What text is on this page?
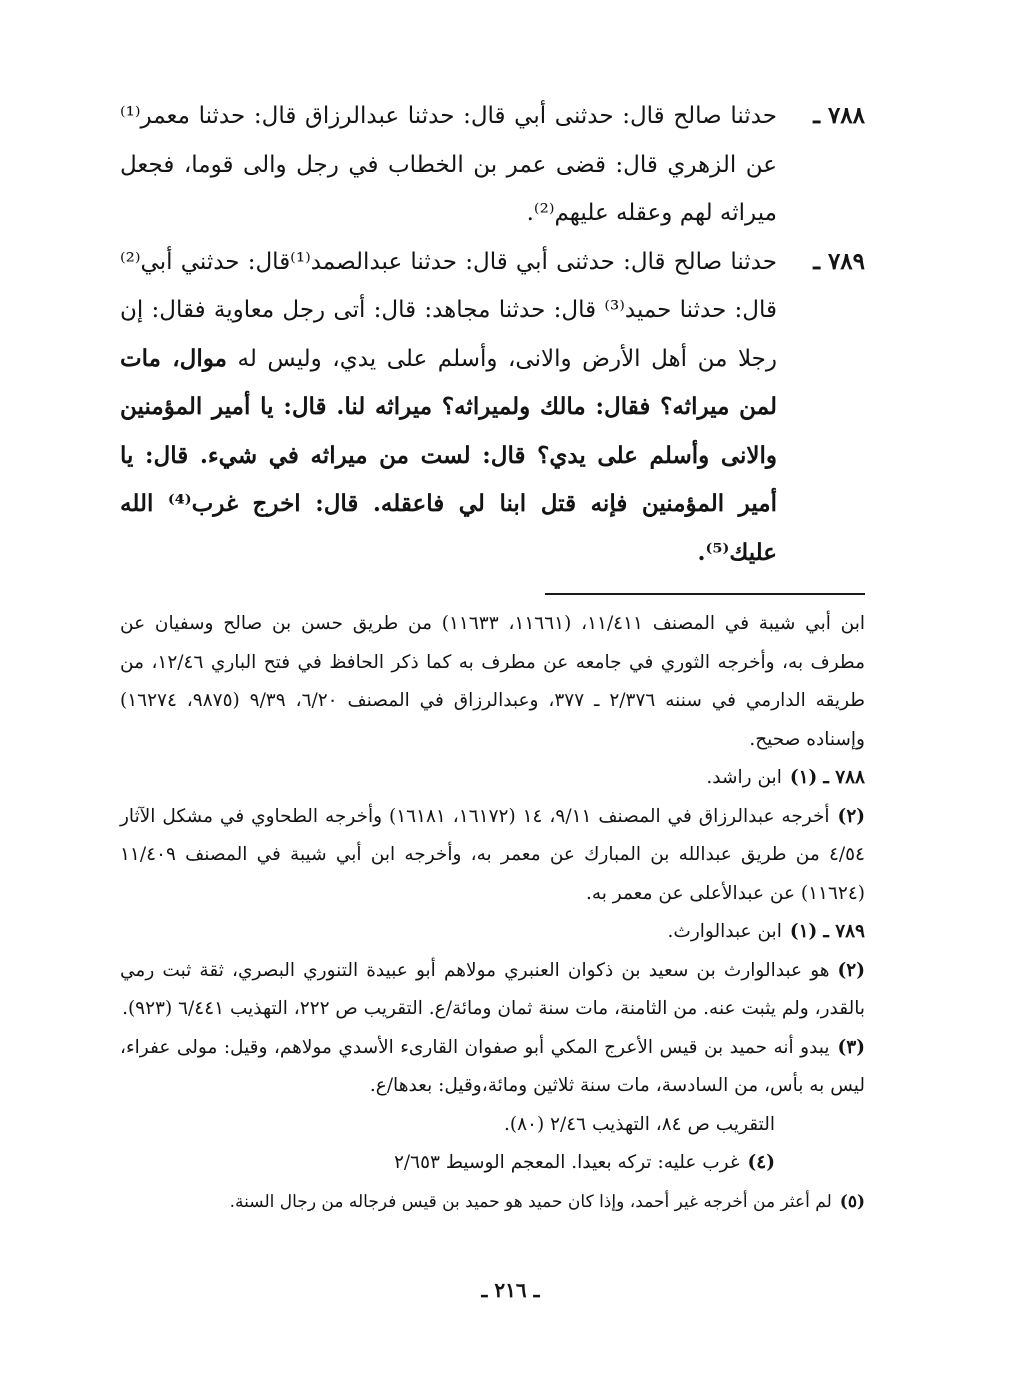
٧٨٨ ـ
حدثنا صالح قال: حدثنى أبي قال: حدثنا عبدالرزاق قال: حدثنا معمر⁽¹⁾ عن الزهري قال: قضى عمر بن الخطاب في رجل والى قوما، فجعل ميراثه لهم وعقله عليهم⁽²⁾.
٧٨٩ ـ
حدثنا صالح قال: حدثنى أبي قال: حدثنا عبدالصمد⁽¹⁾قال: حدثني أبي⁽²⁾ قال: حدثنا حميد⁽³⁾ قال: حدثنا مجاهد: قال: أتى رجل معاوية فقال: إن رجلا من أهل الأرض والانى، وأسلم على يدي، وليس له موال، مات لمن ميراثه؟ فقال: مالك ولميراثه؟ ميراثه لنا. قال: يا أمير المؤمنين والانى وأسلم على يدي؟ قال: لست من ميراثه في شيء. قال: يا أمير المؤمنين فإنه قتل ابنا لي فاعقله. قال: اخرج غرب⁽⁴⁾ الله عليك⁽⁵⁾.
ابن أبي شيبة في المصنف ١١/٤١١، (١١٦٦١، ١١٦٣٣) من طريق حسن بن صالح وسفيان عن مطرف به، وأخرجه الثوري في جامعه عن مطرف به كما ذكر الحافظ في فتح الباري ١٢/٤٦، من طريقه الدارمي في سننه ٢/٣٧٦ ـ ٣٧٧، وعبدالرزاق في المصنف ٦/٢٠، ٩/٣٩ (٩٨٧٥، ١٦٢٧٤) وإسناده صحيح.
٧٨٨ ـ(١)ابن راشد.
(٢)أخرجه عبدالرزاق في المصنف ٩/١١، ١٤ (١٦١٧٢، ١٦١٨١) وأخرجه الطحاوي في مشكل الآثار ٤/٥٤ من طريق عبدالله بن المبارك عن معمر به، وأخرجه ابن أبي شيبة في المصنف ١١/٤٠٩ (١١٦٢٤) عن عبدالأعلى عن معمر به.
٧٨٩ ـ(١)ابن عبدالوارث.
(٢)هو عبدالوارث بن سعيد بن ذكوان العنبري مولاهم أبو عبيدة التنوري البصري، ثقة ثبت رمي بالقدر، ولم يثبت عنه. من الثامنة، مات سنة ثمان ومائة/ع. التقريب ص ٢٢٢، التهذيب ٦/٤٤١ (٩٢٣).
(٣)يبدو أنه حميد بن قيس الأعرج المكي أبو صفوان القارىء الأسدي مولاهم، وقيل: مولى عفراء، ليس به بأس، من السادسة، مات سنة ثلاثين ومائة،وقيل: بعدها/ع.
التقريب ص ٨٤، التهذيب ٢/٤٦ (٨٠).
(٤)غرب عليه: تركه بعيدا. المعجم الوسيط ٢/٦٥٣
(٥)لم أعثر من أخرجه غير أحمد، وإذا كان حميد هو حميد بن قيس فرجاله من رجال السنة.
ـ ٢١٦ ـ
